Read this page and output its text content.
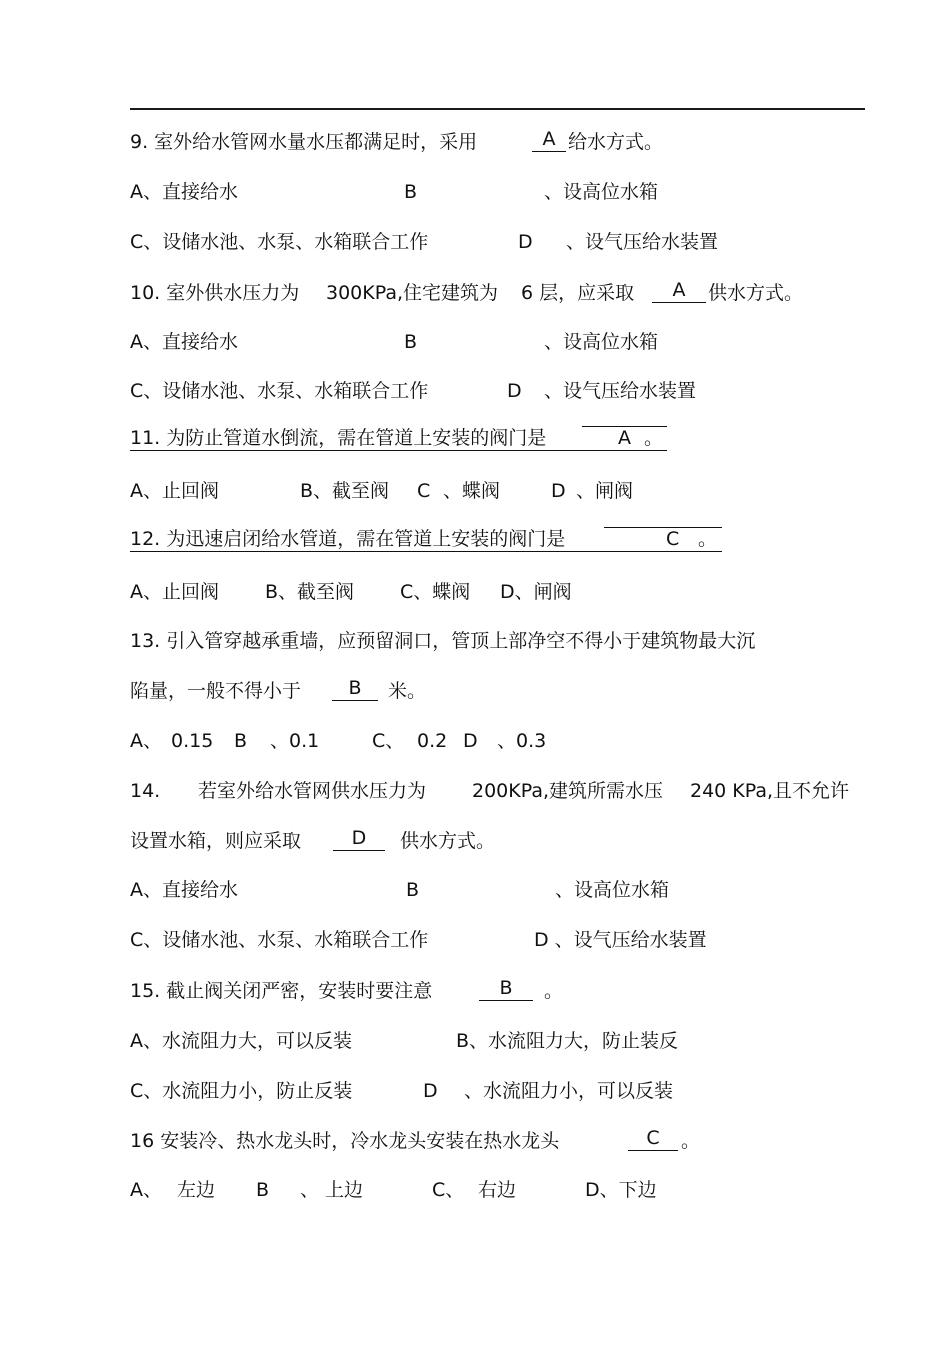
9. 室外给水管网水量水压都满足时，采用	A 给水方式。
A、直接给水	B	、设高位水箱
C、设储水池、水泵、水箱联合工作	D 、设气压给水装置
10. 室外供水压力为 300KPa,住宅建筑为 6 层，应采取	A	供水方式。
A、直接给水	B	、设高位水箱
C、设储水池、水泵、水箱联合工作	D 、设气压给水装置
11. 为防止管道水倒流，需在管道上安装的阀门是	A 。
A、止回阀	B、截至阀 C 、蝶阀	D 、闸阀
12. 为迅速启闭给水管道，需在管道上安装的阀门是	C 。
A、止回阀 B、截至阀 C、蝶阀 D、闸阀
13. 引入管穿越承重墙，应预留洞口，管顶上部净空不得小于建筑物最大沉
陷量，一般不得小于	B	米。
A、 0.15 B 、0.1	C、 0.2 D 、0.3
14. 若室外给水管网供水压力为 200KPa,建筑所需水压 240 KPa,且不允许
设置水箱，则应采取	D	供水方式。
A、直接给水	B	、设高位水箱
C、设储水池、水泵、水箱联合工作	D 、设气压给水装置
15. 截止阀关闭严密，安装时要注意	B	。
A、水流阻力大，可以反装	B、水流阻力大，防止装反
C、水流阻力小，防止反装	D 、水流阻力小，可以反装
16 安装冷、热水龙头时，冷水龙头安装在热水龙头	C	。
A、 左边 B 、 上边	C、 右边	D、下边
